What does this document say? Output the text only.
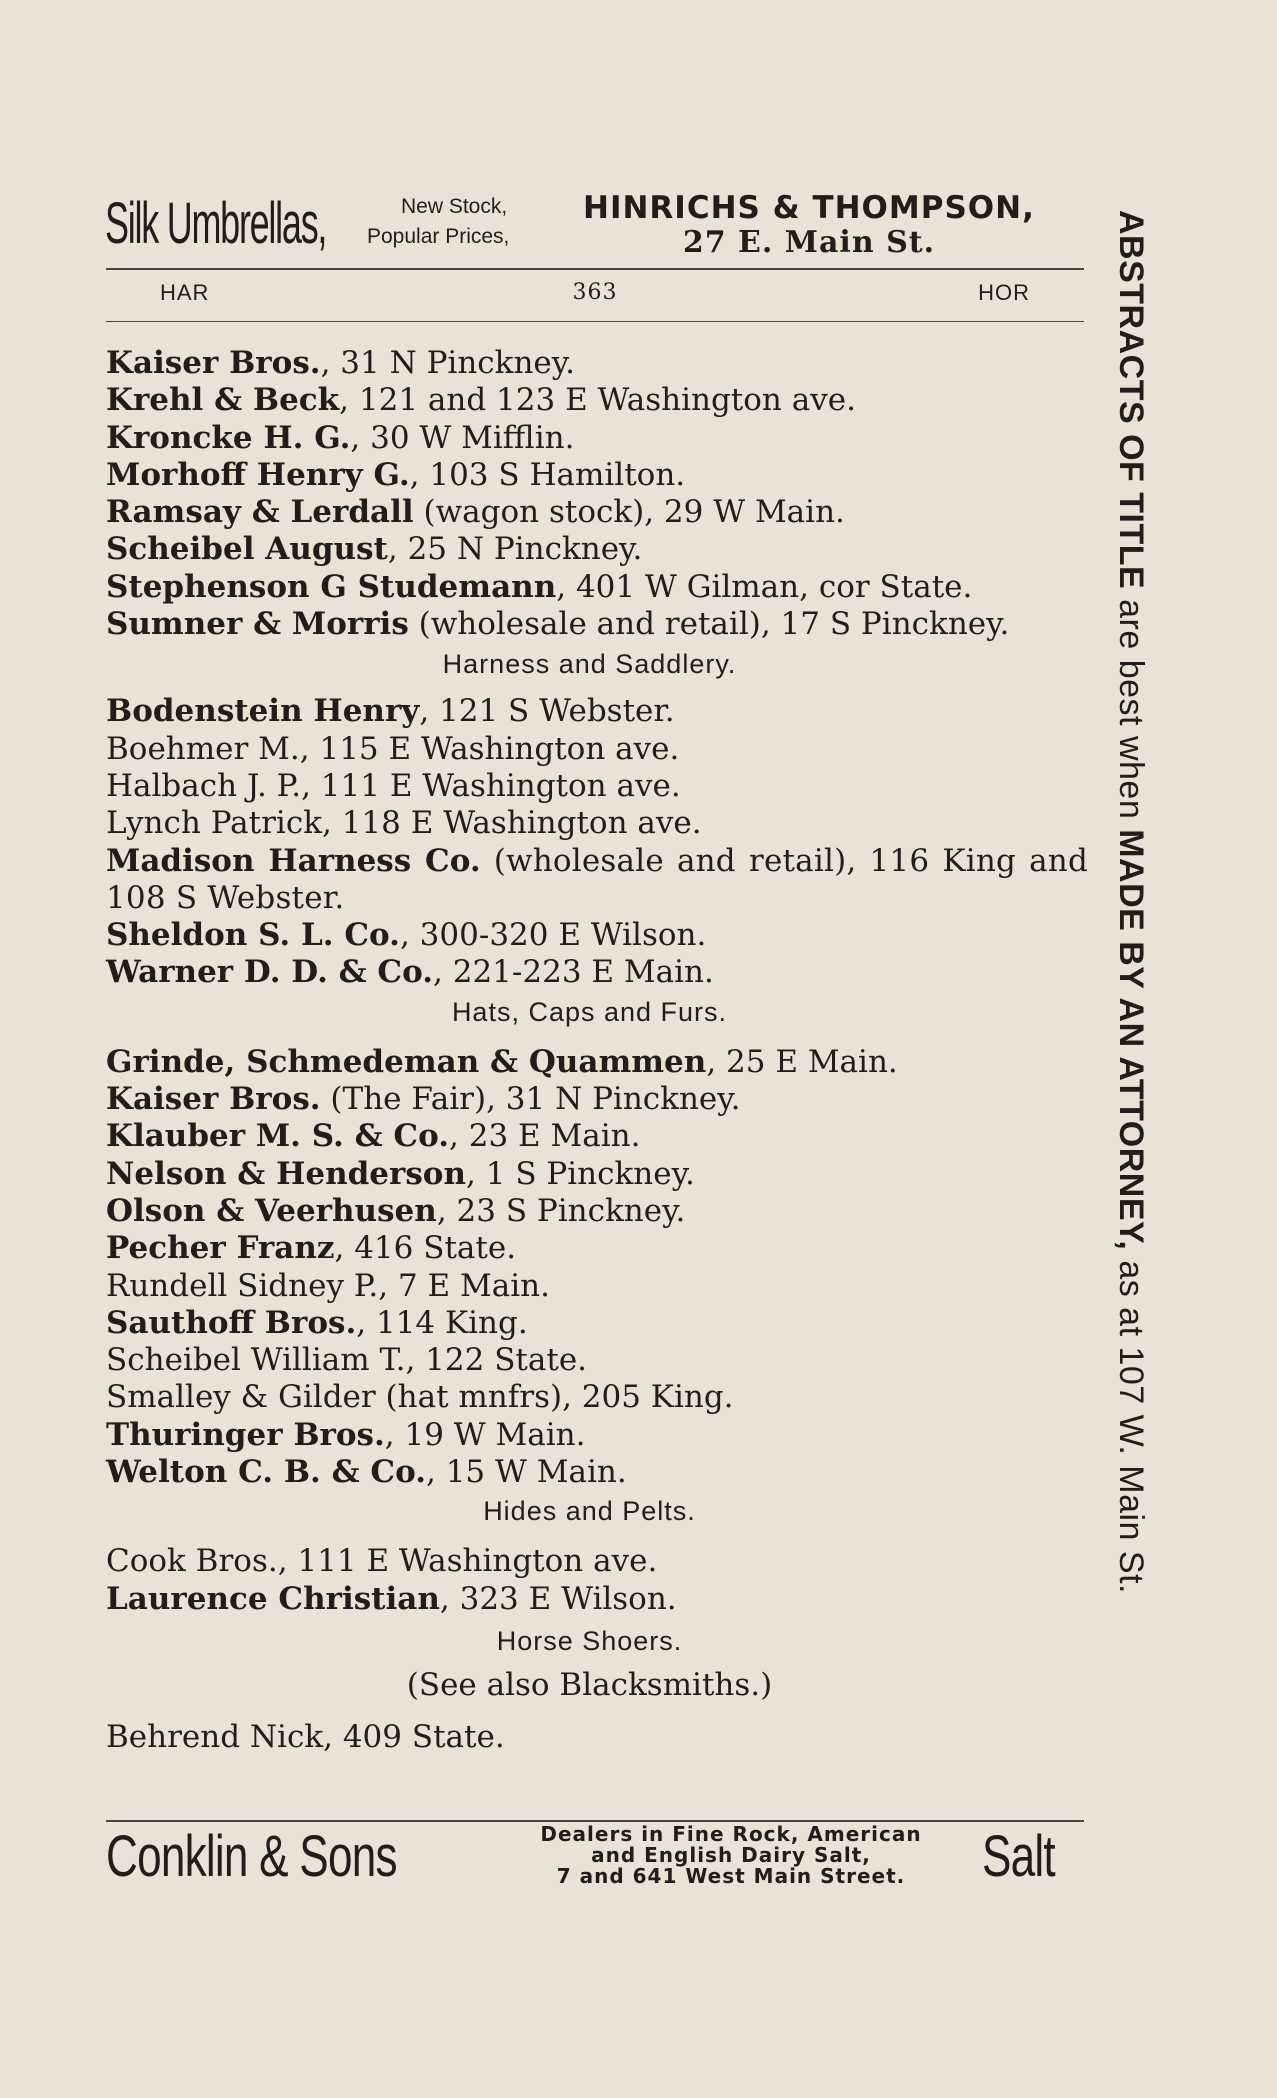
Silk Umbrellas,	New Stock,
Popular Prices,
HINRICHS & THOMPSON,
27 E. Main St.
HAR	363	HOR
Kaiser Bros., 31 N Pinckney.
Krehl & Beck, 121 and 123 E Washington ave.
Kroncke H. G., 30 W Mifflin.
Morhoff Henry G., 103 S Hamilton.
Ramsay & Lerdall (wagon stock), 29 W Main.
Scheibel August, 25 N Pinckney.
Stephenson G Studemann, 401 W Gilman, cor State.
Sumner & Morris (wholesale and retail), 17 S Pinckney.
Harness and Saddlery.
Bodenstein Henry, 121 S Webster.
Boehmer M., 115 E Washington ave.
Halbach J. P., 111 E Washington ave.
Lynch Patrick, 118 E Washington ave.
Madison Harness Co. (wholesale and retail), 116 King and 108 S Webster.
Sheldon S. L. Co., 300-320 E Wilson.
Warner D. D. & Co., 221-223 E Main.
Hats, Caps and Furs.
Grinde, Schmedeman & Quammen, 25 E Main.
Kaiser Bros. (The Fair), 31 N Pinckney.
Klauber M. S. & Co., 23 E Main.
Nelson & Henderson, 1 S Pinckney.
Olson & Veerhusen, 23 S Pinckney.
Pecher Franz, 416 State.
Rundell Sidney P., 7 E Main.
Sauthoff Bros., 114 King.
Scheibel William T., 122 State.
Smalley & Gilder (hat mnfrs), 205 King.
Thuringer Bros., 19 W Main.
Welton C. B. & Co., 15 W Main.
Hides and Pelts.
Cook Bros., 111 E Washington ave.
Laurence Christian, 323 E Wilson.
Horse Shoers.
(See also Blacksmiths.)
Behrend Nick, 409 State.
ABSTRACTS OF TITLE are best when MADE BY AN ATTORNEY, as at 107 W. Main St.
Conklin & Sons	Dealers in Fine Rock, American
and English Dairy Salt,
7 and 641 West Main Street.	Salt
